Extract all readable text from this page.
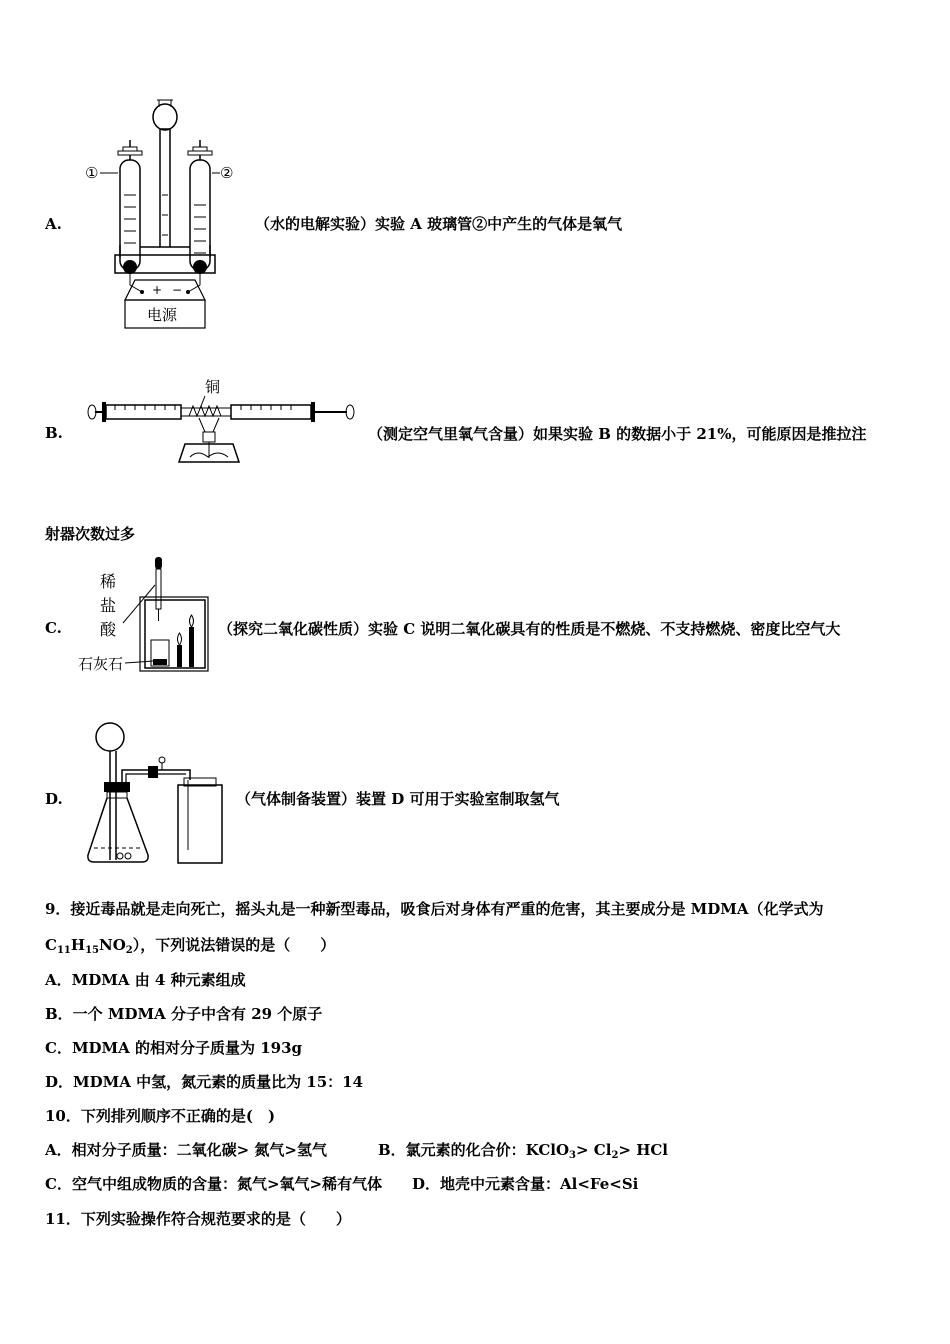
A.
+ −
电源
①	②
（水的电解实验）实验 A 玻璃管②中产生的气体是氧气
B.
铜
（测定空气里氧气含量）如果实验 B 的数据小于 21%，可能原因是推拉注
射器次数过多
C.
稀
盐
酸
石灰石
（探究二氧化碳性质）实验 C 说明二氧化碳具有的性质是不燃烧、不支持燃烧、密度比空气大
D.	（气体制备装置）装置 D 可用于实验室制取氢气
9．接近毒品就是走向死亡，摇头丸是一种新型毒品，吸食后对身体有严重的危害，其主要成分是 MDMA（化学式为
$C_{11}H_{15}NO_2$），下列说法错误的是（　　）
A．MDMA 由 4 种元素组成
B．一个 MDMA 分子中含有 29 个原子
C．MDMA 的相对分子质量为 193g
D．MDMA 中氢，氮元素的质量比为 15：14
10．下列排列顺序不正确的是(　)
A．相对分子质量：二氧化碳> 氮气>氢气	B．氯元素的化合价：KClO$_3$> $Cl_2>$ HCl
C．空气中组成物质的含量：氮气>氧气>稀有气体 D．地壳中元素含量：Al<Fe<Si
11．下列实验操作符合规范要求的是（　　）
